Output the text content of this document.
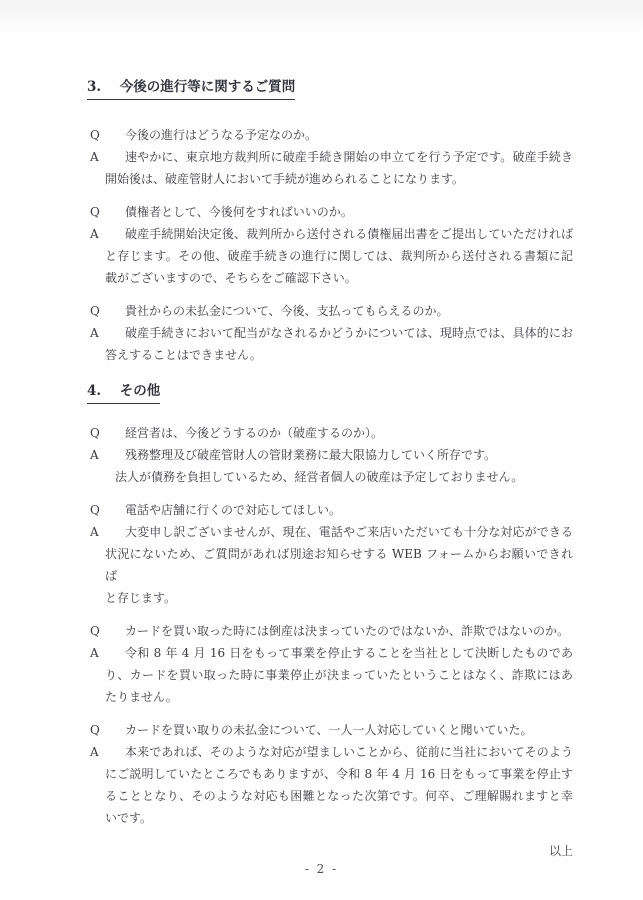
3. 今後の進行等に関するご質問
Q 今後の進行はどうなる予定なのか。
A 速やかに、東京地方裁判所に破産手続き開始の申立てを行う予定です。破産手続き
開始後は、破産管財人において手続が進められることになります。
Q 債権者として、今後何をすればいいのか。
A 破産手続開始決定後、裁判所から送付される債権届出書をご提出していただければ
と存じます。その他、破産手続きの進行に関しては、裁判所から送付される書類に記
載がございますので、そちらをご確認下さい。
Q 貴社からの未払金について、今後、支払ってもらえるのか。
A 破産手続きにおいて配当がなされるかどうかについては、現時点では、具体的にお
答えすることはできません。
4. その他
Q 経営者は、今後どうするのか（破産するのか）。
A 残務整理及び破産管財人の管財業務に最大限協力していく所存です。
法人が債務を負担しているため、経営者個人の破産は予定しておりません。
Q 電話や店舗に行くので対応してほしい。
A 大変申し訳ございませんが、現在、電話やご来店いただいても十分な対応ができる
状況にないため、ご質問があれば別途お知らせする WEB フォームからお願いできれば
と存じます。
Q カードを買い取った時には倒産は決まっていたのではないか、詐欺ではないのか。
A 令和 8 年 4 月 16 日をもって事業を停止することを当社として決断したものであ
り、カードを買い取った時に事業停止が決まっていたということはなく、詐欺にはあ
たりません。
Q カードを買い取りの未払金について、一人一人対応していくと聞いていた。
A 本来であれば、そのような対応が望ましいことから、従前に当社においてそのよう
にご説明していたところでもありますが、令和 8 年 4 月 16 日をもって事業を停止す
ることとなり、そのような対応も困難となった次第です。何卒、ご理解賜れますと幸
いです。
以上
- 2 -
